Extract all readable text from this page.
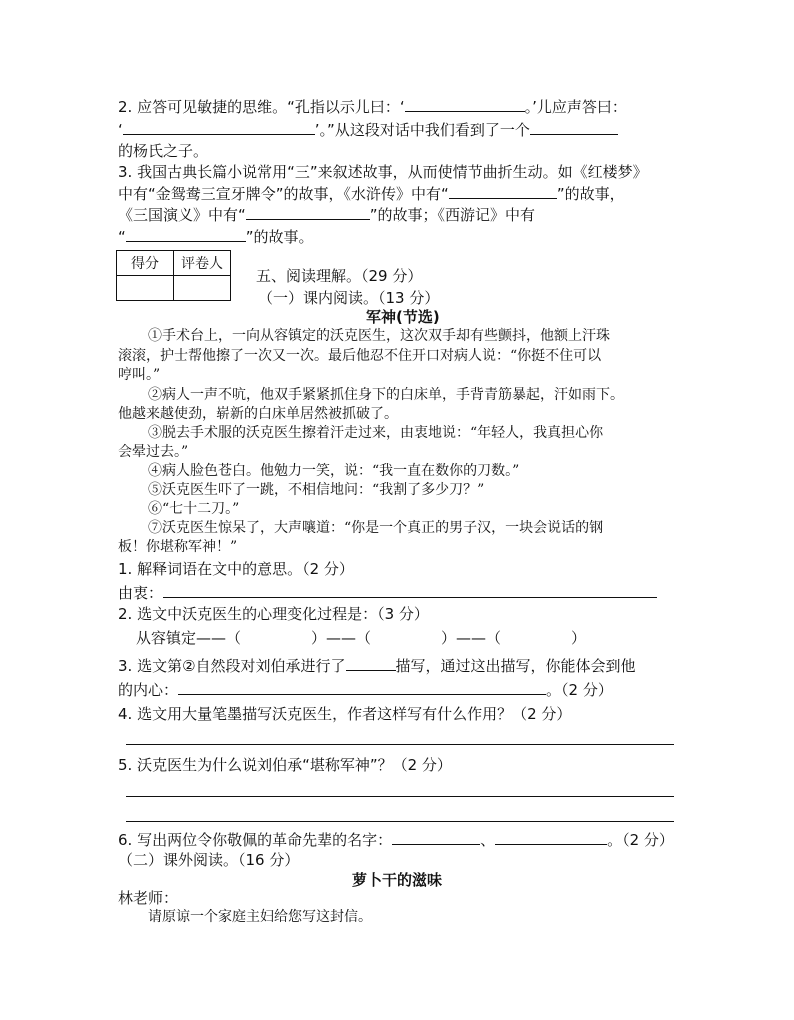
2. 应答可见敏捷的思维。“孔指以示儿曰：‘	。’儿应声答曰：
‘	’。”从这段对话中我们看到了一个
的杨氏之子。
3. 我国古典长篇小说常用“三”来叙述故事，从而使情节曲折生动。如《红楼梦》
中有“金鸳鸯三宣牙牌令”的故事，《水浒传》中有“	”的故事，
《三国演义》中有“	”的故事；《西游记》中有
“	”的故事。
得分	评卷人

五、阅读理解。（29 分）
（一）课内阅读。（13 分）
军神(节选)
①手术台上，一向从容镇定的沃克医生，这次双手却有些颤抖，他额上汗珠
滚滚，护士帮他擦了一次又一次。最后他忍不住开口对病人说：“你挺不住可以
哼叫。”
②病人一声不吭，他双手紧紧抓住身下的白床单，手背青筋暴起，汗如雨下。
他越来越使劲，崭新的白床单居然被抓破了。
③脱去手术服的沃克医生擦着汗走过来，由衷地说：“年轻人，我真担心你
会晕过去。”
④病人脸色苍白。他勉力一笑，说：“我一直在数你的刀数。”
⑤沃克医生吓了一跳，不相信地问：“我割了多少刀？”
⑥“七十二刀。”
⑦沃克医生惊呆了，大声嚷道：“你是一个真正的男子汉，一块会说话的钢
板！你堪称军神！”
1. 解释词语在文中的意思。（2 分）
由衷：
2. 选文中沃克医生的心理变化过程是：（3 分）
从容镇定——（	）——（	）——（	）
3. 选文第②自然段对刘伯承进行了	描写，通过这出描写，你能体会到他
的内心：	。（2 分）
4. 选文用大量笔墨描写沃克医生，作者这样写有什么作用？（2 分）
5. 沃克医生为什么说刘伯承“堪称军神”？（2 分）
6. 写出两位令你敬佩的革命先辈的名字：	、	。（2 分）
（二）课外阅读。（16 分）
萝卜干的滋味
林老师：
请原谅一个家庭主妇给您写这封信。
